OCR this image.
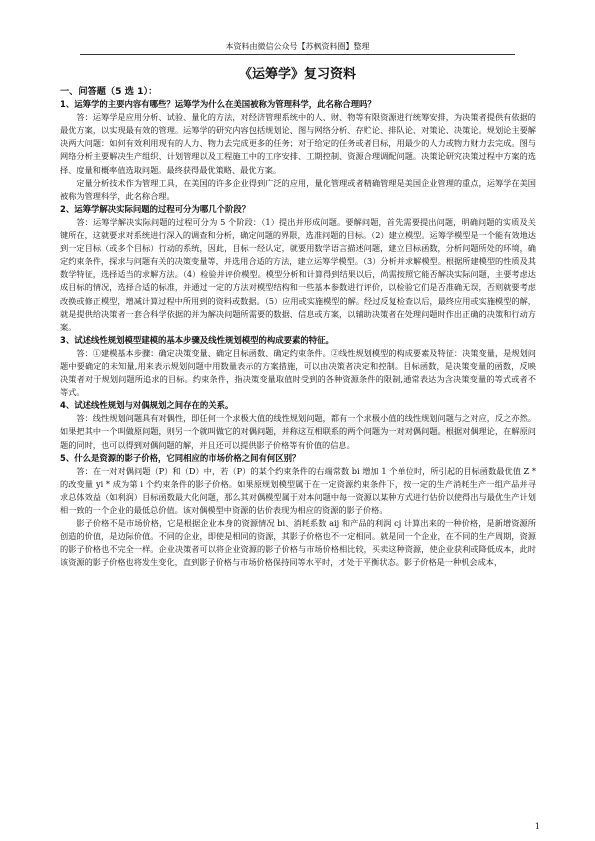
本资料由微信公众号【苏枫资料圈】整理
《运筹学》复习资料

一、问答题（5 选 1）：

1、运筹学的主要内容有哪些？运筹学为什么在美国被称为管理科学，此名称合理吗？

答：运筹学是应用分析、试验、量化的方法，对经济管理系统中的人、财、物等有限资源进行统筹安排，为决策者提供有依据的最优方案，以实现最有效的管理。运筹学的研究内容包括规划论、图与网络分析、存贮论、排队论、对策论、决策论。规划论主要解决两大问题：如何有效利用现有的人力、物力去完成更多的任务；对于给定的任务或者目标，用最少的人力或物力财力去完成。图与网络分析主要解决生产组织、计划管理以及工程施工中的工序安排、工期控制、资源合理调配问题。决策论研究决策过程中方案的选择、度量和概率值选取问题。最终获得最优策略、最优方案。

定量分析技术作为管理工具，在美国的许多企业得到广泛的应用，量化管理或者精确管理是美国企业管理的重点，运筹学在美国被称为管理科学，此名称合理。

2、运筹学解决实际问题的过程可分为哪几个阶段？

答：运筹学解决实际问题的过程可分为 5 个阶段：（1）提出并形成问题。要解问题，首先需要提出问题，明确问题的实质及关键所在，这就要求对系统进行深入的调查和分析，确定问题的界限，选准问题的目标。（2）建立模型。运筹学模型是一个能有效地达到一定目标（或多个目标）行动的系统，因此，目标一经认定，就要用数学语言描述问题，建立目标函数，分析问题所处的环境，确定约束条件，探求与问题有关的决策变量等，并选用合适的方法，建立运筹学模型。（3）分析并求解模型。根据所建模型的性质及其数学特征，选择适当的求解方法。（4）检验并评价模型。模型分析和计算得到结果以后，尚需按照它能否解决实际问题，主要考虑达成目标的情况，选择合适的标准，并通过一定的方法对模型结构和一些基本参数进行评价，以检验它们是否准确无误，否则就要考虑改换或修正模型，增减计算过程中所用到的资料或数据。（5）应用或实施模型的解。经过反复检查以后，最终应用或实施模型的解，就是提供给决策者一套合科学依据的并为解决问题所需要的数据、信息或方案，以辅助决策者在处理问题时作出正确的决策和行动方案。

3、试述线性规划模型建模的基本步骤及线性规划模型的构成要素的特征。

答：①建模基本步骤：确定决策变量、确定目标函数、确定约束条件。②线性规划模型的构成要素及特征：决策变量，是规划问题中要确定的未知量,用来表示规划问题中用数量表示的方案措施，可以由决策者决定和控制。目标函数，是决策变量的函数，反映决策者对于规划问题所追求的目标。约束条件，指决策变量取值时受到的各种资源条件的限制,通常表达为含决策变量的等式或者不等式。

4、试述线性规划与对偶规划之间存在的关系。

答：线性规划问题具有对偶性，即任何一个求极大值的线性规划问题，都有一个求极小值的线性规划问题与之对应，反之亦然。如果把其中一个叫做原问题，则另一个就叫做它的对偶问题，并称这互相联系的两个问题为一对对偶问题。根据对偶理论，在解原问题的同时，也可以得到对偶问题的解，并且还可以提供影子价格等有价值的信息。

5、什么是资源的影子价格，它同相应的市场价格之间有何区别？

答：在一对对偶问题（P）和（D）中，若（P）的某个约束条件的右端常数 bi 增加 1 个单位时，所引起的目标函数最优值 Z * 的改变量 yi * 成为第 i 个约束条件的影子价格。如果原规划模型属于在一定资源约束条件下，按一定的生产消耗生产一组产品并寻求总体效益（如利润）目标函数最大化问题，那么其对偶模型属于对本问题中每一资源以某种方式进行估价以使得出与最优生产计划相一致的一个企业的最低总价值。该对偶模型中资源的估价表现为相应的资源的影子价格。

影子价格不是市场价格，它是根据企业本身的资源情况 bi、消耗系数 aij 和产品的利润 cj 计算出来的一种价格，是新增资源所创造的价值，是边际价值。不同的企业，即使是相同的资源，其影子价格也不一定相同。就是同一个企业，在不同的生产周期，资源的影子价格也不完全一样。企业决策者可以将企业资源的影子价格与市场价格相比较，买卖这种资源，使企业获利或降低成本，此时该资源的影子价格也将发生变化，直到影子价格与市场价格保持同等水平时，才处于平衡状态。影子价格是一种机会成本，

1
